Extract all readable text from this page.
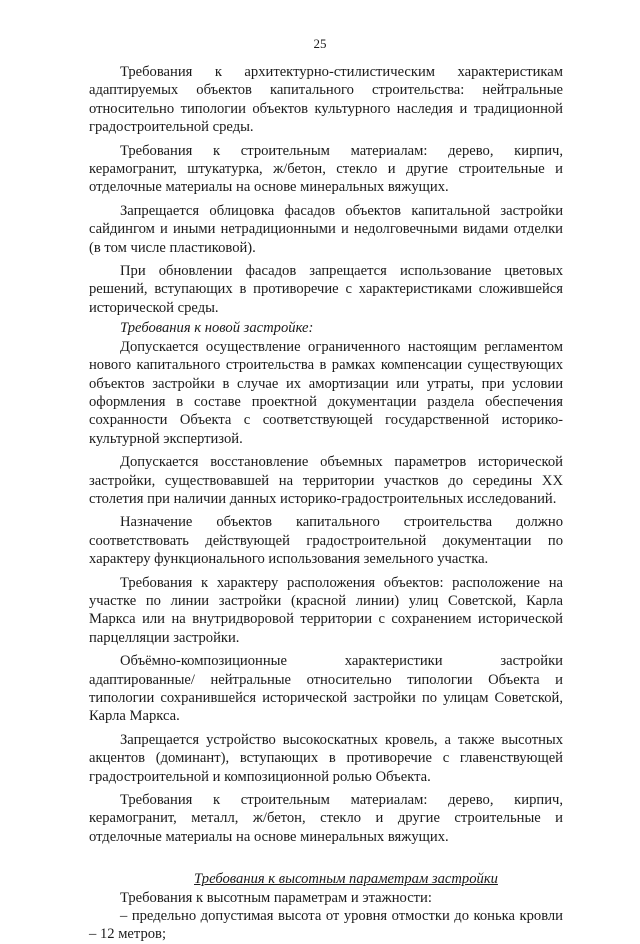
25

Требования к архитектурно-стилистическим характеристикам адаптируемых объектов капитального строительства: нейтральные относительно типологии объектов культурного наследия и традиционной градостроительной среды.

Требования к строительным материалам: дерево, кирпич, керамогранит, штукатурка, ж/бетон, стекло и другие строительные и отделочные материалы на основе минеральных вяжущих.

Запрещается облицовка фасадов объектов капитальной застройки сайдингом и иными нетрадиционными и недолговечными видами отделки (в том числе пластиковой).

При обновлении фасадов запрещается использование цветовых решений, вступающих в противоречие с характеристиками сложившейся исторической среды.

Требования к новой застройке:

Допускается осуществление ограниченного настоящим регламентом нового капитального строительства в рамках компенсации существующих объектов застройки в случае их амортизации или утраты, при условии оформления в составе проектной документации раздела обеспечения сохранности Объекта с соответствующей государственной историко-культурной экспертизой.

Допускается восстановление объемных параметров исторической застройки, существовавшей на территории участков до середины XX столетия при наличии данных историко-градостроительных исследований.

Назначение объектов капитального строительства должно соответствовать действующей градостроительной документации по характеру функционального использования земельного участка.

Требования к характеру расположения объектов: расположение на участке по линии застройки (красной линии) улиц Советской, Карла Маркса или на внутридворовой территории с сохранением исторической парцелляции застройки.

Объёмно-композиционные характеристики застройки адаптированные/ нейтральные относительно типологии Объекта и типологии сохранившейся исторической застройки по улицам Советской, Карла Маркса.

Запрещается устройство высокоскатных кровель, а также высотных акцентов (доминант), вступающих в противоречие с главенствующей градостроительной и композиционной ролью Объекта.

Требования к строительным материалам: дерево, кирпич, керамогранит, металл, ж/бетон, стекло и другие строительные и отделочные материалы на основе минеральных вяжущих.

Требования к высотным параметрам застройки

Требования к высотным параметрам и этажности:

– предельно допустимая высота от уровня отмостки до конька кровли – 12 метров;
